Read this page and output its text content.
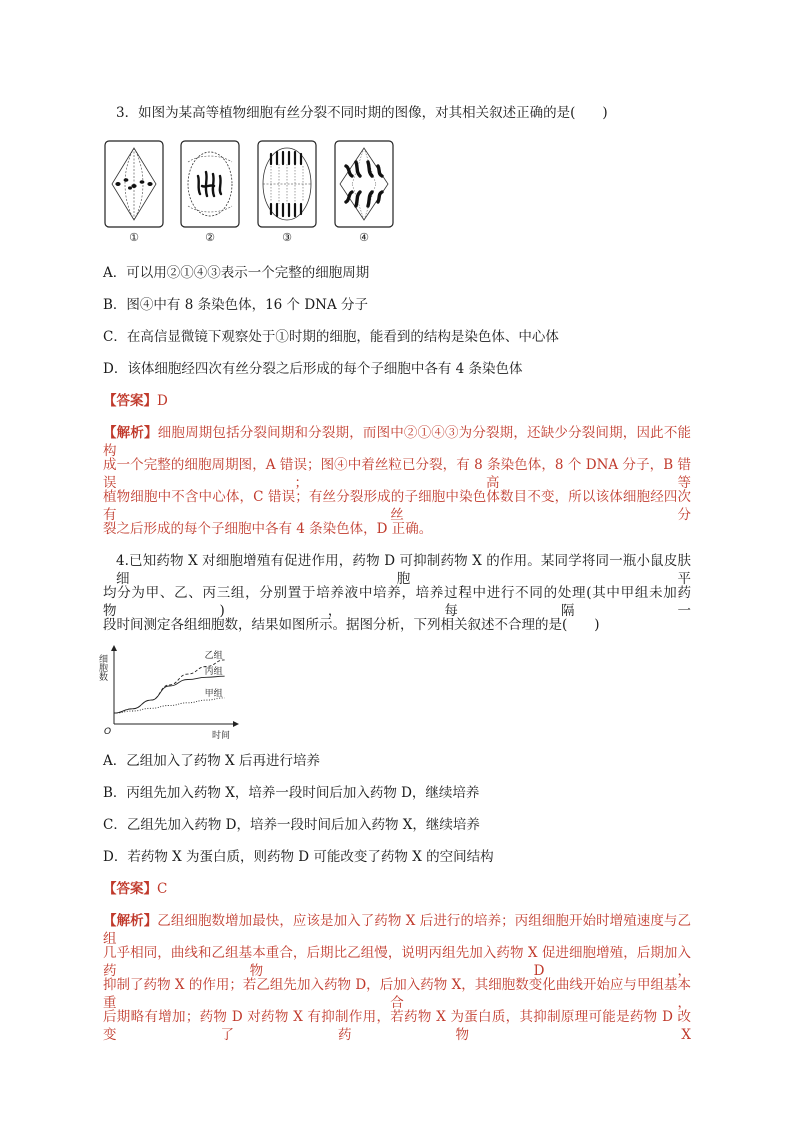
3．如图为某高等植物细胞有丝分裂不同时期的图像，对其相关叙述正确的是(　　)
①	②	③	④
A．可以用②①④③表示一个完整的细胞周期
B．图④中有 8 条染色体，16 个 DNA 分子
C．在高信显微镜下观察处于①时期的细胞，能看到的结构是染色体、中心体
D．该体细胞经四次有丝分裂之后形成的每个子细胞中各有 4 条染色体
【答案】D
【解析】细胞周期包括分裂间期和分裂期，而图中②①④③为分裂期，还缺少分裂间期，因此不能构
成一个完整的细胞周期图，A 错误；图④中着丝粒已分裂，有 8 条染色体，8 个 DNA 分子，B 错误；高等
植物细胞中不含中心体，C 错误；有丝分裂形成的子细胞中染色体数目不变，所以该体细胞经四次有丝分
裂之后形成的每个子细胞中各有 4 条染色体，D 正确。
4.已知药物 X 对细胞增殖有促进作用，药物 D 可抑制药物 X 的作用。某同学将同一瓶小鼠皮肤细胞平
均分为甲、乙、丙三组，分别置于培养液中培养，培养过程中进行不同的处理(其中甲组未加药物)，每隔一
段时间测定各组细胞数，结果如图所示。据图分析，下列相关叙述不合理的是(　　)
O	时间
细胞数	乙组
丙组
甲组
A．乙组加入了药物 X 后再进行培养
B．丙组先加入药物 X，培养一段时间后加入药物 D，继续培养
C．乙组先加入药物 D，培养一段时间后加入药物 X，继续培养
D．若药物 X 为蛋白质，则药物 D 可能改变了药物 X 的空间结构
【答案】C
【解析】乙组细胞数增加最快，应该是加入了药物 X 后进行的培养；丙组细胞开始时增殖速度与乙组
几乎相同，曲线和乙组基本重合，后期比乙组慢，说明丙组先加入药物 X 促进细胞增殖，后期加入药物 D，
抑制了药物 X 的作用；若乙组先加入药物 D，后加入药物 X，其细胞数变化曲线开始应与甲组基本重合，
后期略有增加；药物 D 对药物 X 有抑制作用，若药物 X 为蛋白质，其抑制原理可能是药物 D 改变了药物 X
